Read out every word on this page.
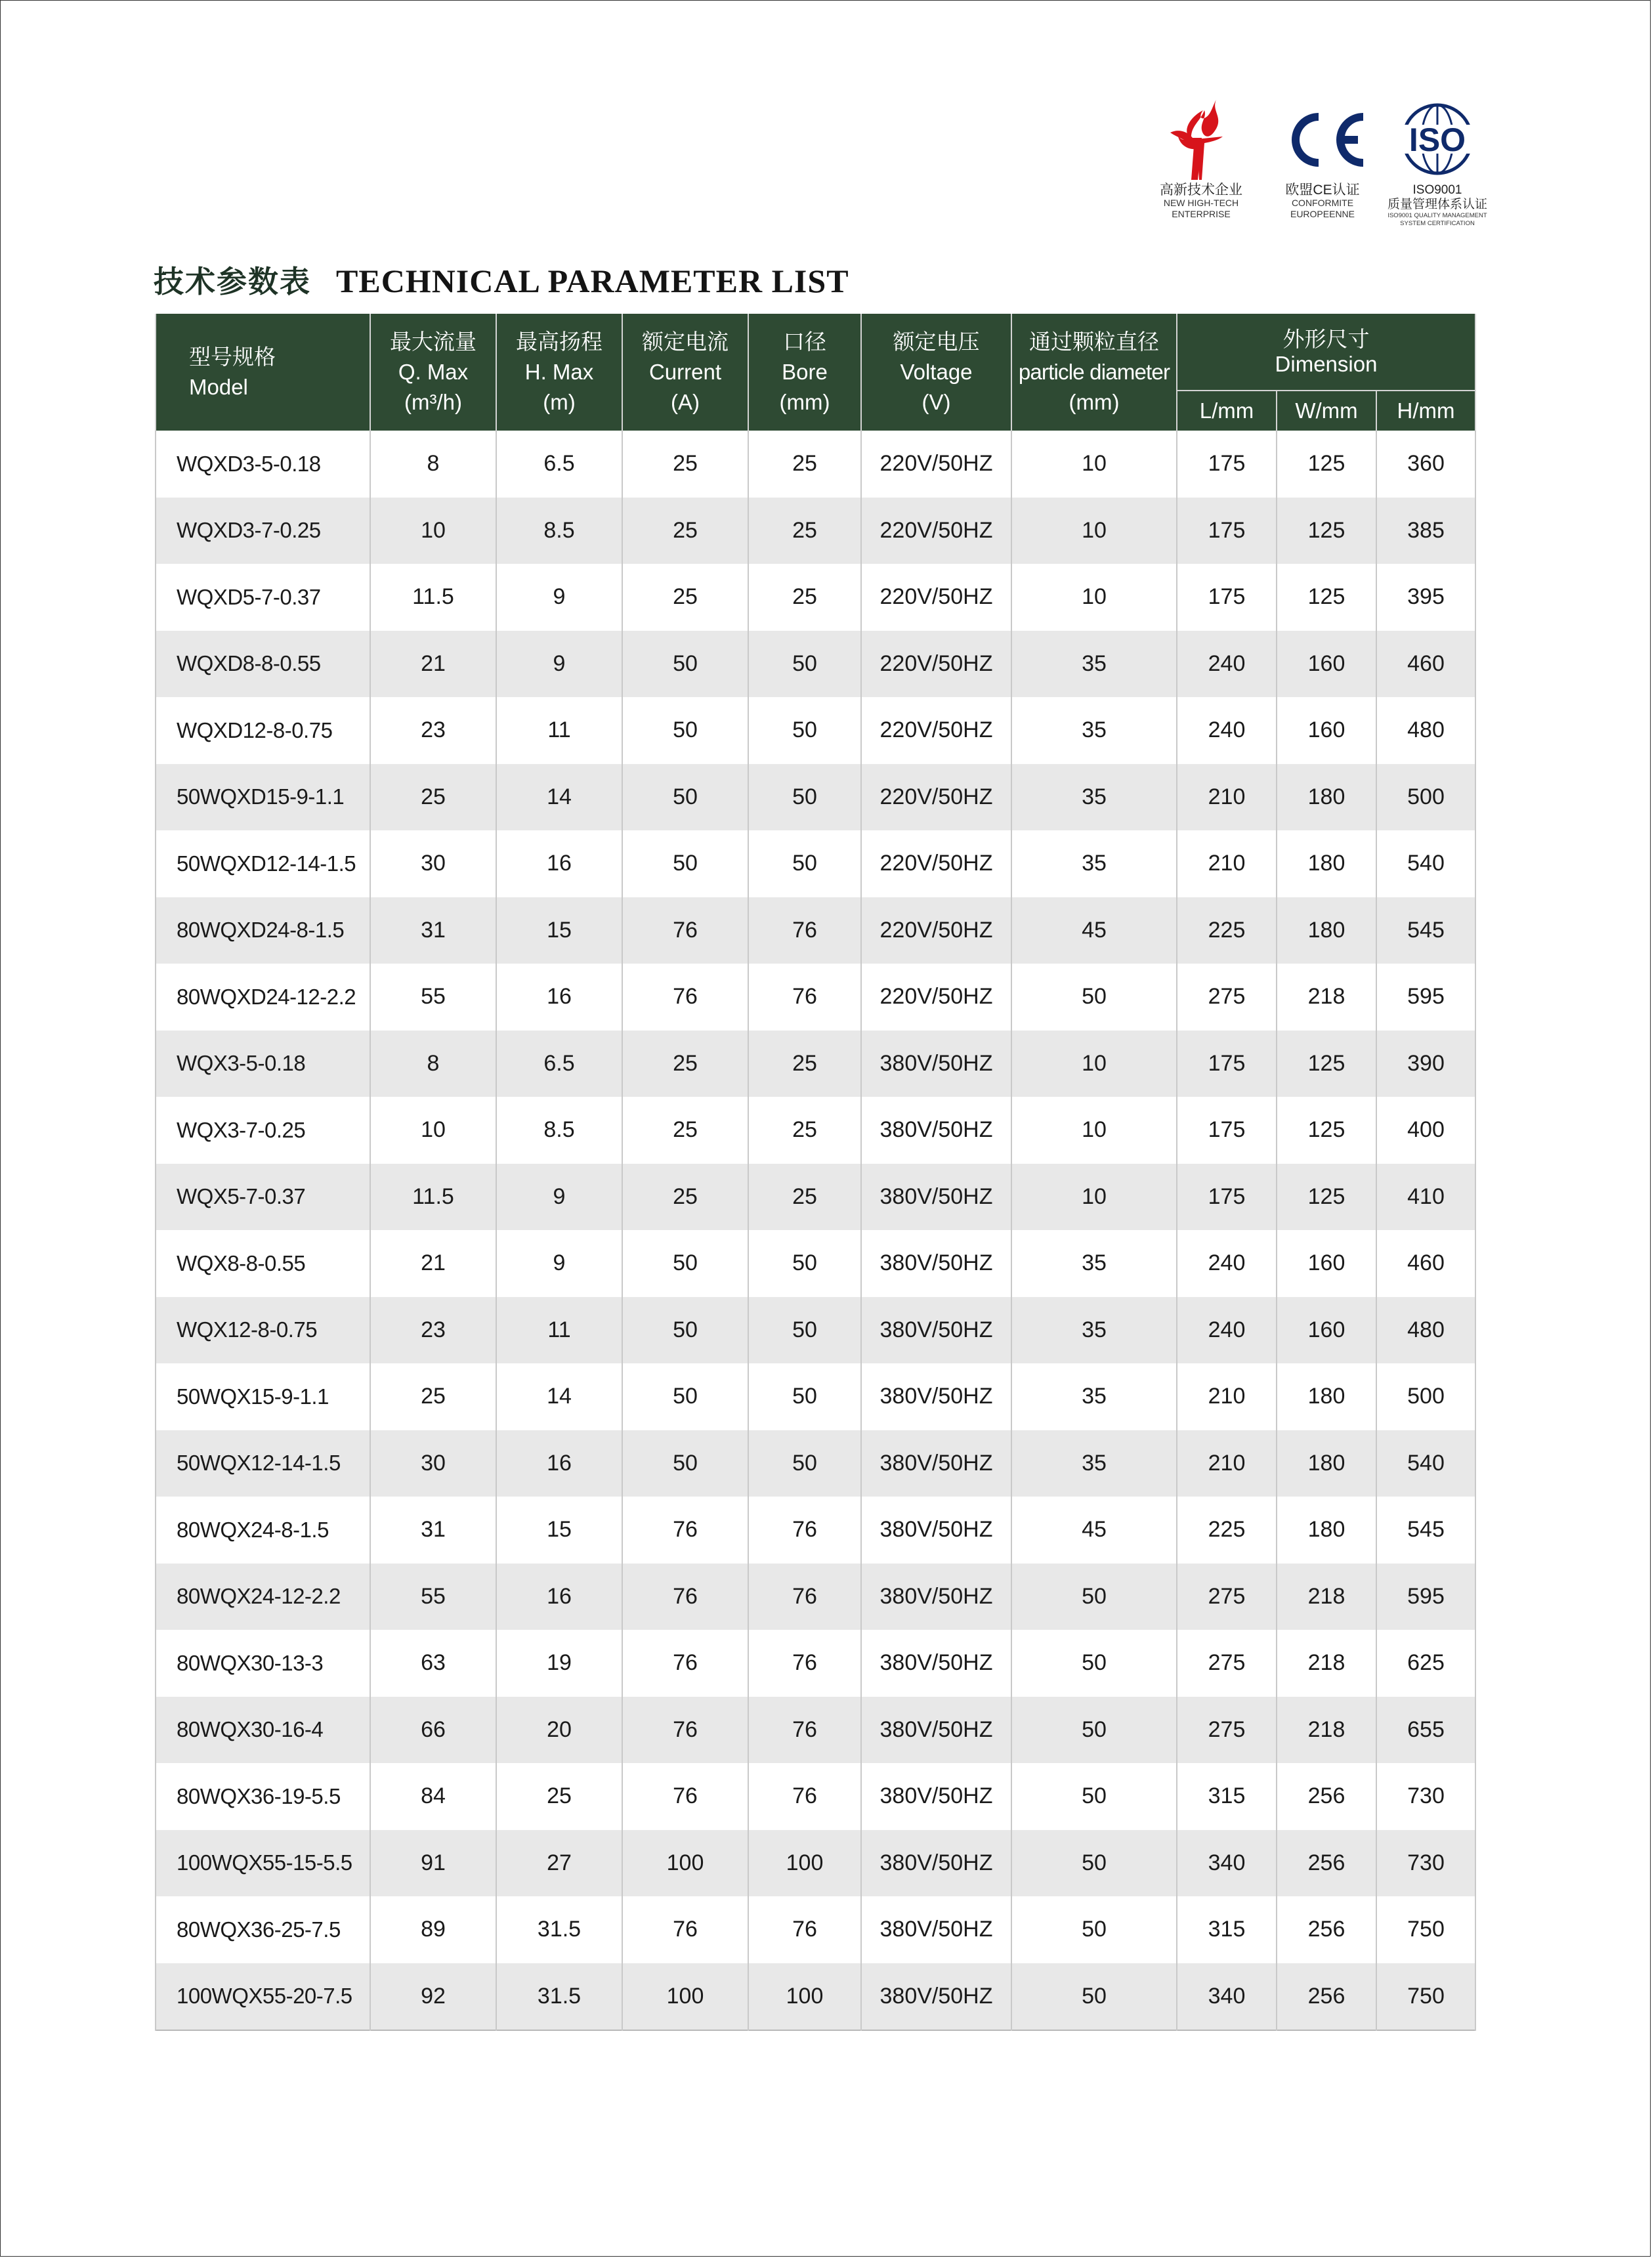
高新技术企业
NEW HIGH-TECH
ENTERPRISE
欧盟CE认证
CONFORMITE
EUROPEENNE
ISO
ISO9001
质量管理体系认证
ISO9001 QUALITY MANAGEMENT
SYSTEM CERTIFICATION
技术参数表 TECHNICAL PARAMETER LIST
型号规格
Model	最大流量
Q. Max
(m³/h)	最高扬程
H. Max
(m)	额定电流
Current
(A)	口径
Bore
(mm)	额定电压
Voltage
(V)	通过颗粒直径
particle diameter
(mm)	外形尺寸
Dimension		

							L/mm	W/mm	H/mm
WQXD3-5-0.18	8	6.5	25	25	220V/50HZ	10	175	125	360
WQXD3-7-0.25	10	8.5	25	25	220V/50HZ	10	175	125	385
WQXD5-7-0.37	11.5	9	25	25	220V/50HZ	10	175	125	395
WQXD8-8-0.55	21	9	50	50	220V/50HZ	35	240	160	460
WQXD12-8-0.75	23	11	50	50	220V/50HZ	35	240	160	480
50WQXD15-9-1.1	25	14	50	50	220V/50HZ	35	210	180	500
50WQXD12-14-1.5	30	16	50	50	220V/50HZ	35	210	180	540
80WQXD24-8-1.5	31	15	76	76	220V/50HZ	45	225	180	545
80WQXD24-12-2.2	55	16	76	76	220V/50HZ	50	275	218	595
WQX3-5-0.18	8	6.5	25	25	380V/50HZ	10	175	125	390
WQX3-7-0.25	10	8.5	25	25	380V/50HZ	10	175	125	400
WQX5-7-0.37	11.5	9	25	25	380V/50HZ	10	175	125	410
WQX8-8-0.55	21	9	50	50	380V/50HZ	35	240	160	460
WQX12-8-0.75	23	11	50	50	380V/50HZ	35	240	160	480
50WQX15-9-1.1	25	14	50	50	380V/50HZ	35	210	180	500
50WQX12-14-1.5	30	16	50	50	380V/50HZ	35	210	180	540
80WQX24-8-1.5	31	15	76	76	380V/50HZ	45	225	180	545
80WQX24-12-2.2	55	16	76	76	380V/50HZ	50	275	218	595
80WQX30-13-3	63	19	76	76	380V/50HZ	50	275	218	625
80WQX30-16-4	66	20	76	76	380V/50HZ	50	275	218	655
80WQX36-19-5.5	84	25	76	76	380V/50HZ	50	315	256	730
100WQX55-15-5.5	91	27	100	100	380V/50HZ	50	340	256	730
80WQX36-25-7.5	89	31.5	76	76	380V/50HZ	50	315	256	750
100WQX55-20-7.5	92	31.5	100	100	380V/50HZ	50	340	256	750
